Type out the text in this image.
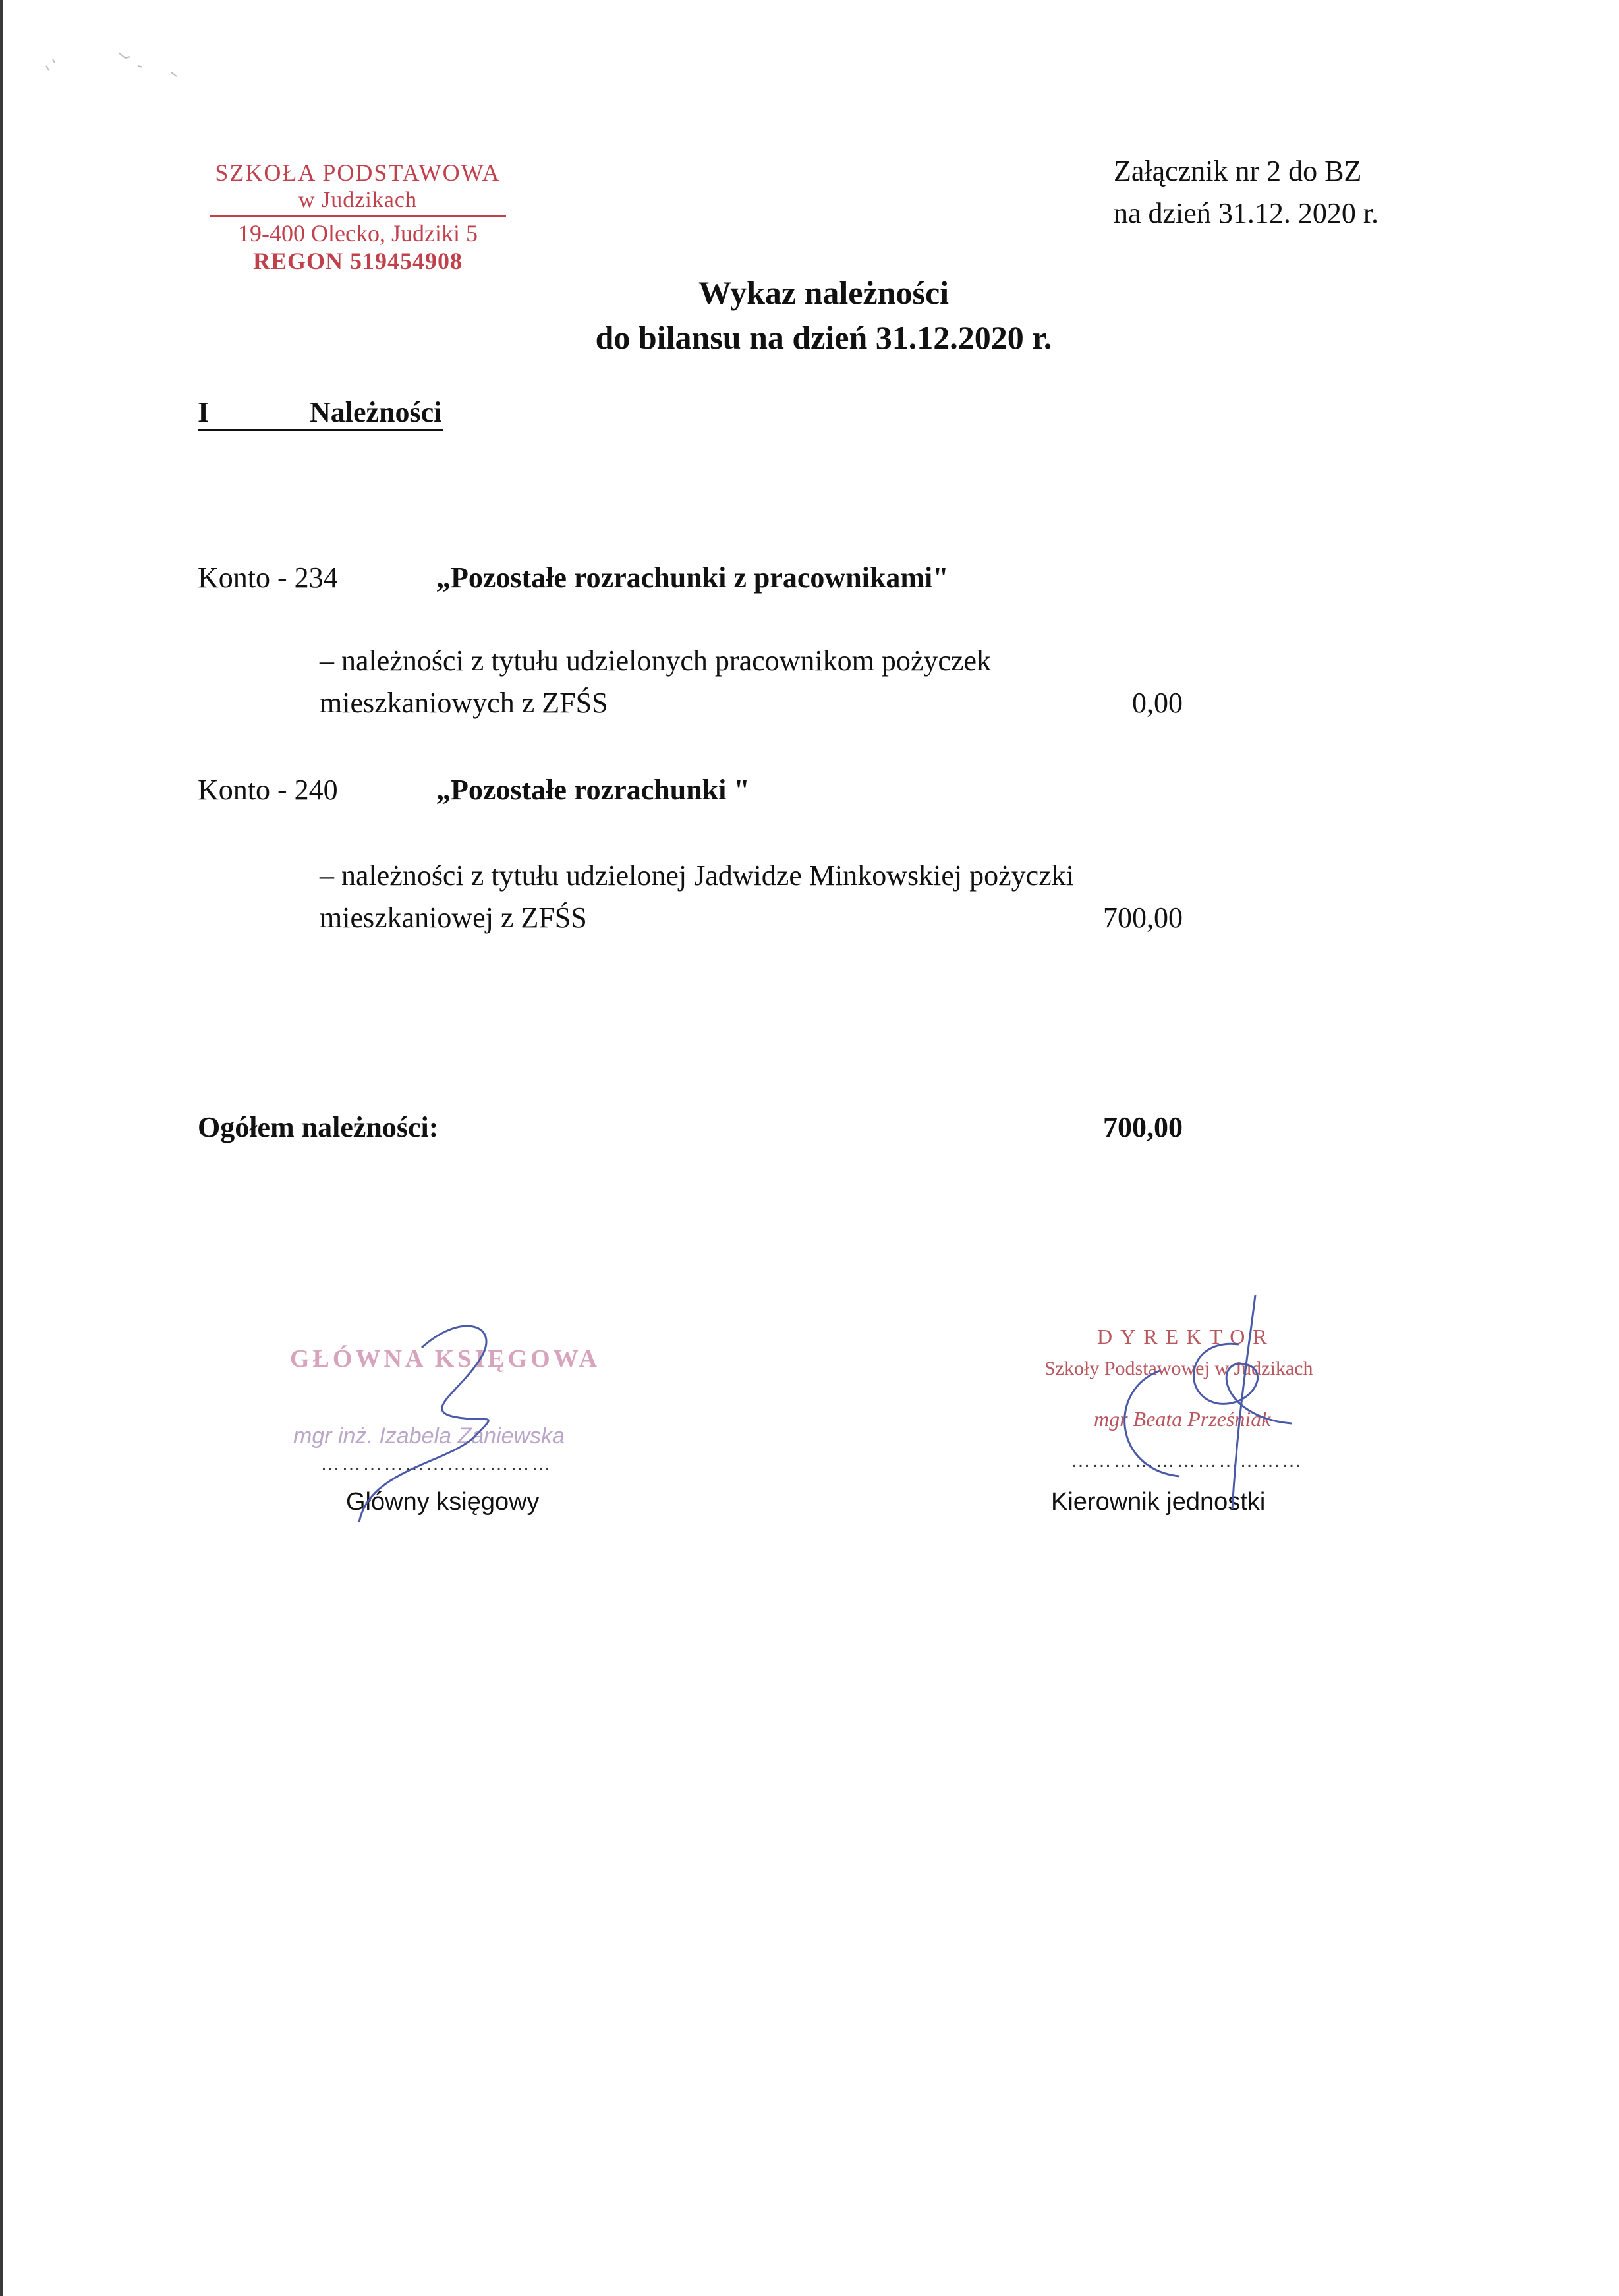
SZKOŁA PODSTAWOWA
w Judzikach
19-400 Olecko, Judziki 5
REGON 519454908
Załącznik nr 2 do BZ
na dzień 31.12. 2020 r.
Wykaz należności
do bilansu na dzień 31.12.2020 r.
I	Należności
Konto - 234	„Pozostałe rozrachunki z pracownikami"
– należności z tytułu udzielonych pracownikom pożyczek
mieszkaniowych z ZFŚS	0,00
Konto - 240	„Pozostałe rozrachunki "
– należności z tytułu udzielonej Jadwidze Minkowskiej pożyczki
mieszkaniowej z ZFŚS	700,00
Ogółem należności:	700,00
GŁÓWNA KSIĘGOWA
mgr inż. Izabela Zaniewska
……………………………
Główny księgowy
DYREKTOR
Szkoły Podstawowej w Judzikach
mgr Beata Prześniak
……………………………
Kierownik jednostki
